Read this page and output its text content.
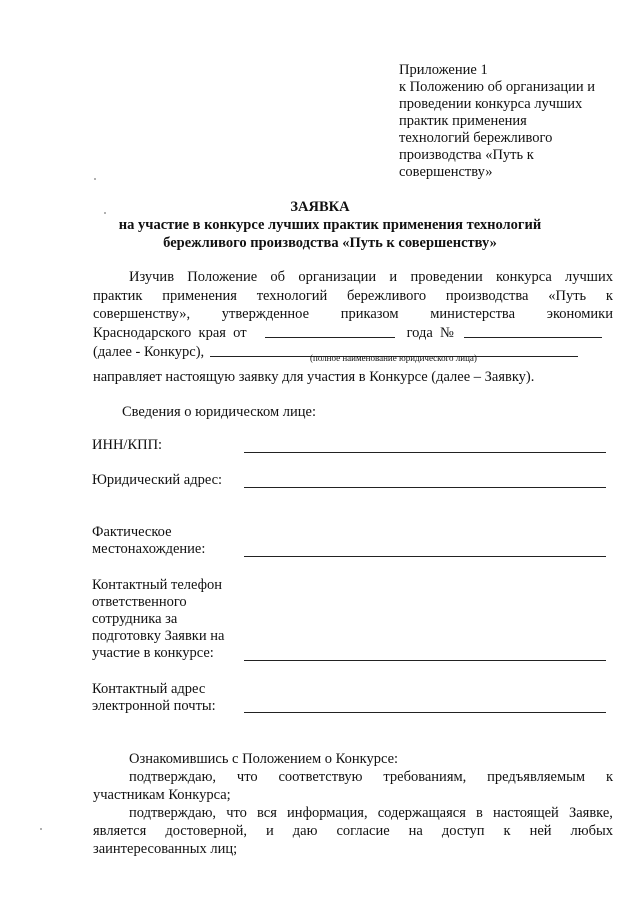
Приложение 1
к Положению об организации и
проведении конкурса лучших
практик применения
технологий бережливого
производства «Путь к
совершенству»
ЗАЯВКА
на участие в конкурсе лучших практик применения технологий
бережливого производства «Путь к совершенству»
Изучив Положение об организации и проведении конкурса лучших
практик применения технологий бережливого производства «Путь к
совершенству», утвержденное приказом министерства экономики
Краснодарского  края  от	года  №
(далее - Конкурс),	(полное наименование юридического лица)
направляет настоящую заявку для участия в Конкурсе (далее – Заявку).
Сведения о юридическом лице:
ИНН/КПП:
Юридический адрес:
Фактическое
местонахождение:
Контактный телефон
ответственного
сотрудника за
подготовку Заявки на
участие в конкурсе:
Контактный адрес
электронной почты:
Ознакомившись с Положением о Конкурсе:
подтверждаю, что соответствую требованиям, предъявляемым к
участникам Конкурса;
подтверждаю, что вся информация, содержащаяся в настоящей Заявке,
является достоверной, и даю согласие на доступ к ней любых
заинтересованных лиц;
